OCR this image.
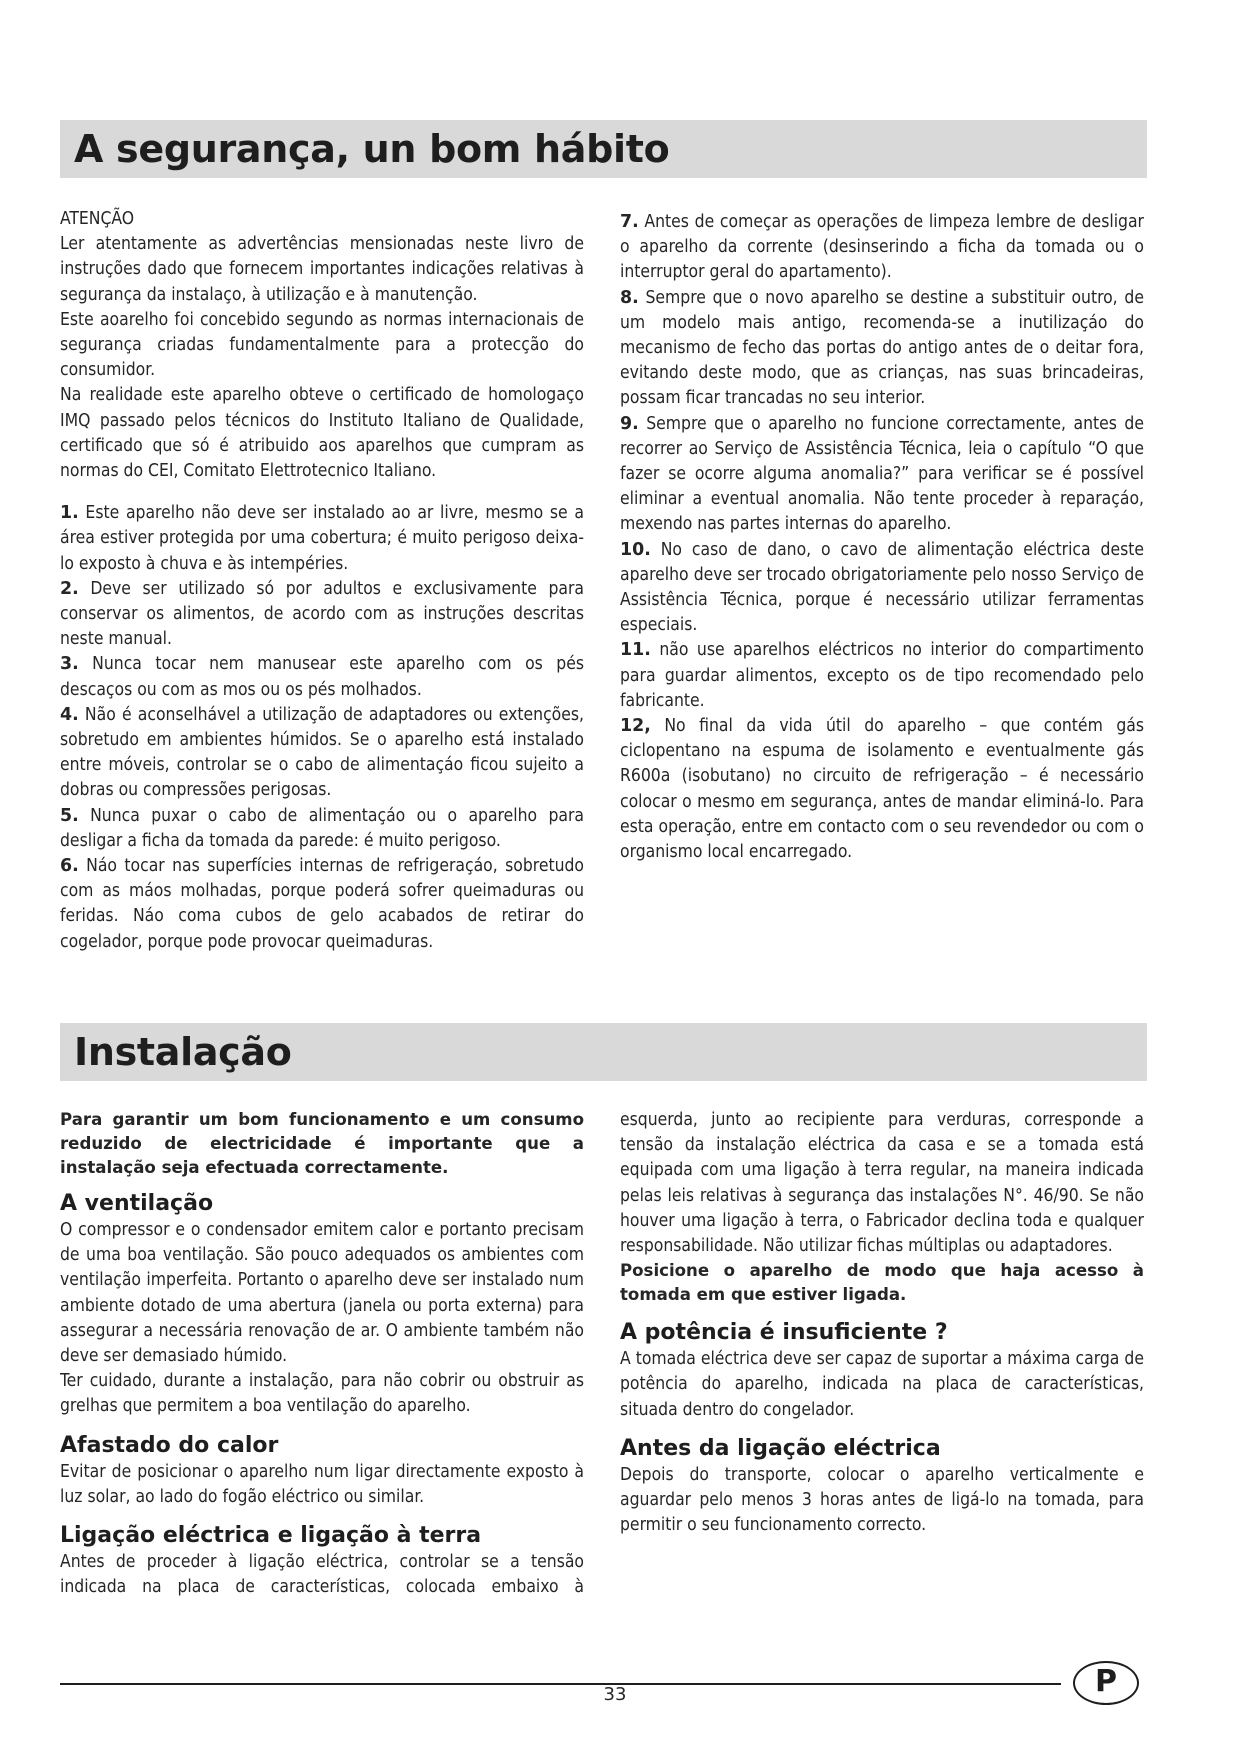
A segurança, un bom hábito

ATENÇÃO

Ler atentamente as advertências mensionadas neste livro de instruções dado que fornecem importantes indicações relativas à segurança da instalaço, à utilização e à manutenção.

Este aoarelho foi concebido segundo as normas internacionais de segurança criadas fundamentalmente para a protecção do consumidor.

Na realidade este aparelho obteve o certificado de homologaço IMQ passado pelos técnicos do Instituto Italiano de Qualidade, certificado que só é atribuido aos aparelhos que cumpram as normas do CEI, Comitato Elettrotecnico Italiano.

1. Este aparelho não deve ser instalado ao ar livre, mesmo se a área estiver protegida por uma cobertura; é muito perigoso deixa-lo exposto à chuva e às intempéries.

2. Deve ser utilizado só por adultos e exclusivamente para conservar os alimentos, de acordo com as instruções descritas neste manual.

3. Nunca tocar nem manusear este aparelho com os pés descaços ou com as mos ou os pés molhados.

4. Não é aconselhável a utilização de adaptadores ou extenções, sobretudo em ambientes húmidos. Se o aparelho está instalado entre móveis, controlar se o cabo de alimentaçáo ficou sujeito a dobras ou compressões perigosas.

5. Nunca puxar o cabo de alimentaçáo ou o aparelho para desligar a ficha da tomada da parede: é muito perigoso.

6. Náo tocar nas superfícies internas de refrigeraçáo, sobretudo com as máos molhadas, porque poderá sofrer queimaduras ou feridas. Náo coma cubos de gelo acabados de retirar do cogelador, porque pode provocar queimaduras.

7. Antes de começar as operações de limpeza lembre de desligar o aparelho da corrente (desinserindo a ficha da tomada ou o interruptor geral do apartamento).

8. Sempre que o novo aparelho se destine a substituir outro, de um modelo mais antigo, recomenda-se a inutilizaçáo do mecanismo de fecho das portas do antigo antes de o deitar fora, evitando deste modo, que as crianças, nas suas brincadeiras, possam ficar trancadas no seu interior.

9. Sempre que o aparelho no funcione correctamente, antes de recorrer ao Serviço de Assistência Técnica, leia o capítulo “O que fazer se ocorre alguma anomalia?” para verificar se é possível eliminar a eventual anomalia. Não tente proceder à reparaçáo, mexendo nas partes internas do aparelho.

10. No caso de dano, o cavo de alimentação eléctrica deste aparelho deve ser trocado obrigatoriamente pelo nosso Serviço de Assistência Técnica, porque é necessário utilizar ferramentas especiais.

11. não use aparelhos eléctricos no interior do compartimento para guardar alimentos, excepto os de tipo recomendado pelo fabricante.

12, No final da vida útil do aparelho – que contém gás ciclopentano na espuma de isolamento e eventualmente gás R600a (isobutano) no circuito de refrigeração – é necessário colocar o mesmo em segurança, antes de mandar eliminá-lo. Para esta operação, entre em contacto com o seu revendedor ou com o organismo local encarregado.

Instalação

Para garantir um bom funcionamento e um consumo reduzido de electricidade é importante que a instalação seja efectuada correctamente.

A ventilação

O compressor e o condensador emitem calor e portanto precisam de uma boa ventilação. São pouco adequados os ambientes com ventilação imperfeita. Portanto o aparelho deve ser instalado num ambiente dotado de uma abertura (janela ou porta externa) para assegurar a necessária renovação de ar. O ambiente também não deve ser demasiado húmido.

Ter cuidado, durante a instalação, para não cobrir ou obstruir as grelhas que permitem a boa ventilação do aparelho.

Afastado do calor

Evitar de posicionar o aparelho num ligar directamente exposto à luz solar, ao lado do fogão eléctrico ou similar.

Ligação eléctrica e ligação à terra

Antes de proceder à ligação eléctrica, controlar se a tensão indicada na placa de características, colocada embaixo à

esquerda, junto ao recipiente para verduras, corresponde a tensão da instalação eléctrica da casa e se a tomada está equipada com uma ligação à terra regular, na maneira indicada pelas leis relativas à segurança das instalações N°. 46/90. Se não houver uma ligação à terra, o Fabricador declina toda e qualquer responsabilidade. Não utilizar fichas múltiplas ou adaptadores.

Posicione o aparelho de modo que haja acesso à tomada em que estiver ligada.

A potência é insuficiente ?

A tomada eléctrica deve ser capaz de suportar a máxima carga de potência do aparelho, indicada na placa de características, situada dentro do congelador.

Antes da ligação eléctrica

Depois do transporte, colocar o aparelho verticalmente e aguardar pelo menos 3 horas antes de ligá-lo na tomada, para permitir o seu funcionamento correcto.

33	P
